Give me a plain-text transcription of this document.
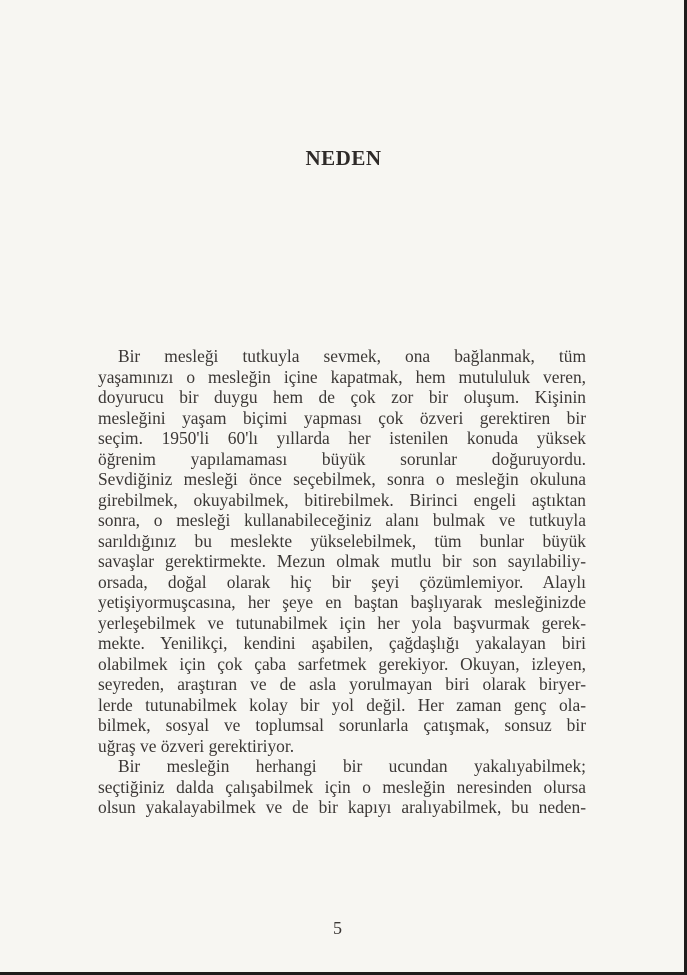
NEDEN
Bir mesleği tutkuyla sevmek, ona bağlanmak, tüm
yaşamınızı o mesleğin içine kapatmak, hem mutululuk veren,
doyurucu bir duygu hem de çok zor bir oluşum. Kişinin
mesleğini yaşam biçimi yapması çok özveri gerektiren bir
seçim. 1950'li 60'lı yıllarda her istenilen konuda yüksek
öğrenim yapılamaması büyük sorunlar doğuruyordu.
Sevdiğiniz mesleği önce seçebilmek, sonra o mesleğin okuluna
girebilmek, okuyabilmek, bitirebilmek. Birinci engeli aştıktan
sonra, o mesleği kullanabileceğiniz alanı bulmak ve tutkuyla
sarıldığınız bu meslekte yükselebilmek, tüm bunlar büyük
savaşlar gerektirmekte. Mezun olmak mutlu bir son sayılabiliy-
orsada, doğal olarak hiç bir şeyi çözümlemiyor. Alaylı
yetişiyormuşcasına, her şeye en baştan başlıyarak mesleğinizde
yerleşebilmek ve tutunabilmek için her yola başvurmak gerek-
mekte. Yenilikçi, kendini aşabilen, çağdaşlığı yakalayan biri
olabilmek için çok çaba sarfetmek gerekiyor. Okuyan, izleyen,
seyreden, araştıran ve de asla yorulmayan biri olarak biryer-
lerde tutunabilmek kolay bir yol değil. Her zaman genç ola-
bilmek, sosyal ve toplumsal sorunlarla çatışmak, sonsuz bir
uğraş ve özveri gerektiriyor.
Bir mesleğin herhangi bir ucundan yakalıyabilmek;
seçtiğiniz dalda çalışabilmek için o mesleğin neresinden olursa
olsun yakalayabilmek ve de bir kapıyı aralıyabilmek, bu neden-
5
